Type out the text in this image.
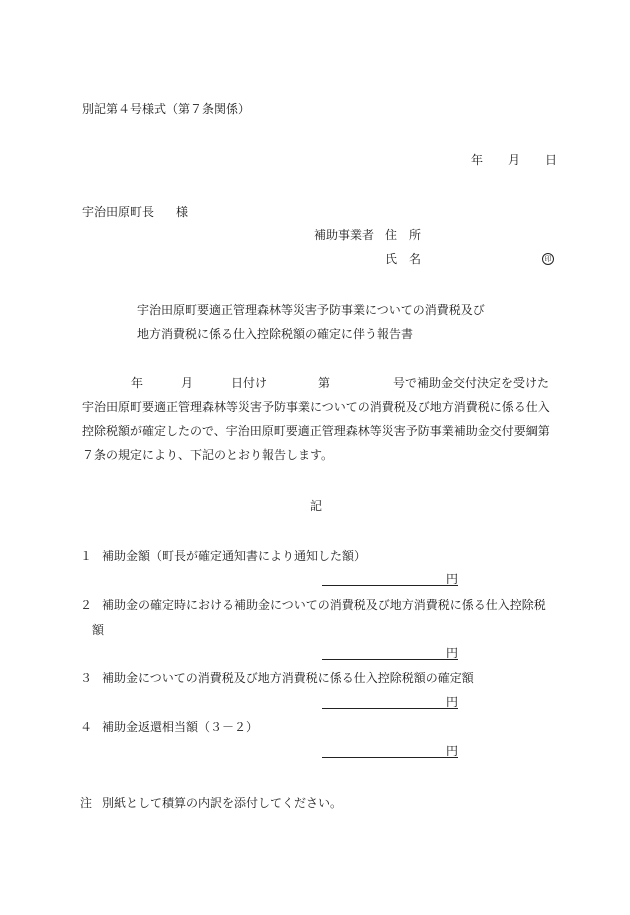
別記第４号様式（第７条関係）
年 月 日
宇治田原町長 様
補助事業者 住　所
氏　名	印
宇治田原町要適正管理森林等災害予防事業についての消費税及び
地方消費税に係る仕入控除税額の確定に伴う報告書
年	月	日付け	第	号で補助金交付決定を受けた
宇治田原町要適正管理森林等災害予防事業についての消費税及び地方消費税に係る仕入
控除税額が確定したので、宇治田原町要適正管理森林等災害予防事業補助金交付要綱第
７条の規定により、下記のとおり報告します。
記
１ 補助金額（町長が確定通知書により通知した額）
円
２ 補助金の確定時における補助金についての消費税及び地方消費税に係る仕入控除税
額
円
３ 補助金についての消費税及び地方消費税に係る仕入控除税額の確定額
円
４ 補助金返還相当額（３－２）
円
注 別紙として積算の内訳を添付してください。
